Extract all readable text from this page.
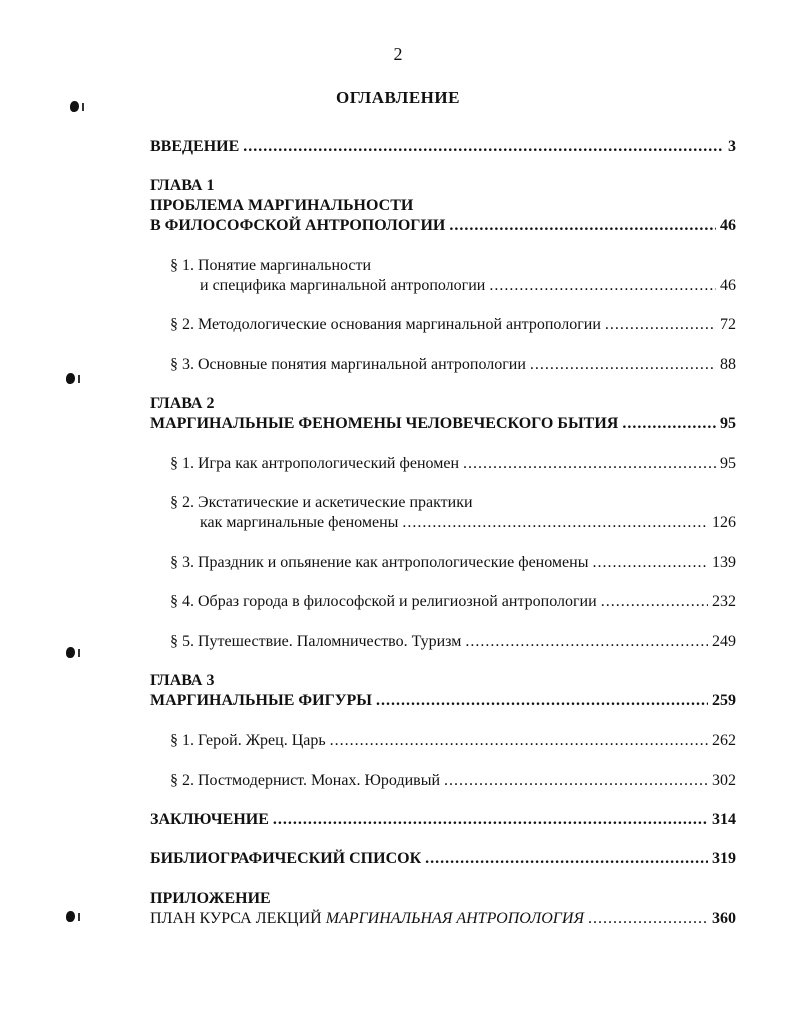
2
ОГЛАВЛЕНИЕ
ВВЕДЕНИЕ .....	3
ГЛАВА 1
ПРОБЛЕМА МАРГИНАЛЬНОСТИ
В ФИЛОСОФСКОЙ АНТРОПОЛОГИИ .....	46
§ 1. Понятие маргинальности
и специфика маргинальной антропологии .....	46
§ 2. Методологические основания маргинальной антропологии .....	72
§ 3. Основные понятия маргинальной антропологии .....	88
ГЛАВА 2
МАРГИНАЛЬНЫЕ ФЕНОМЕНЫ ЧЕЛОВЕЧЕСКОГО БЫТИЯ .....	95
§ 1. Игра как антропологический феномен .....	95
§ 2. Экстатические и аскетические практики
как маргинальные феномены .....	126
§ 3. Праздник и опьянение как антропологические феномены .....	139
§ 4. Образ города в философской и религиозной антропологии .....	232
§ 5. Путешествие. Паломничество. Туризм .....	249
ГЛАВА 3
МАРГИНАЛЬНЫЕ ФИГУРЫ .....	259
§ 1. Герой. Жрец. Царь .....	262
§ 2. Постмодернист. Монах. Юродивый .....	302
ЗАКЛЮЧЕНИЕ .....	314
БИБЛИОГРАФИЧЕСКИЙ СПИСОК .....	319
ПРИЛОЖЕНИЕ
ПЛАН КУРСА ЛЕКЦИЙ
МАРГИНАЛЬНАЯ АНТРОПОЛОГИЯ .....	360
